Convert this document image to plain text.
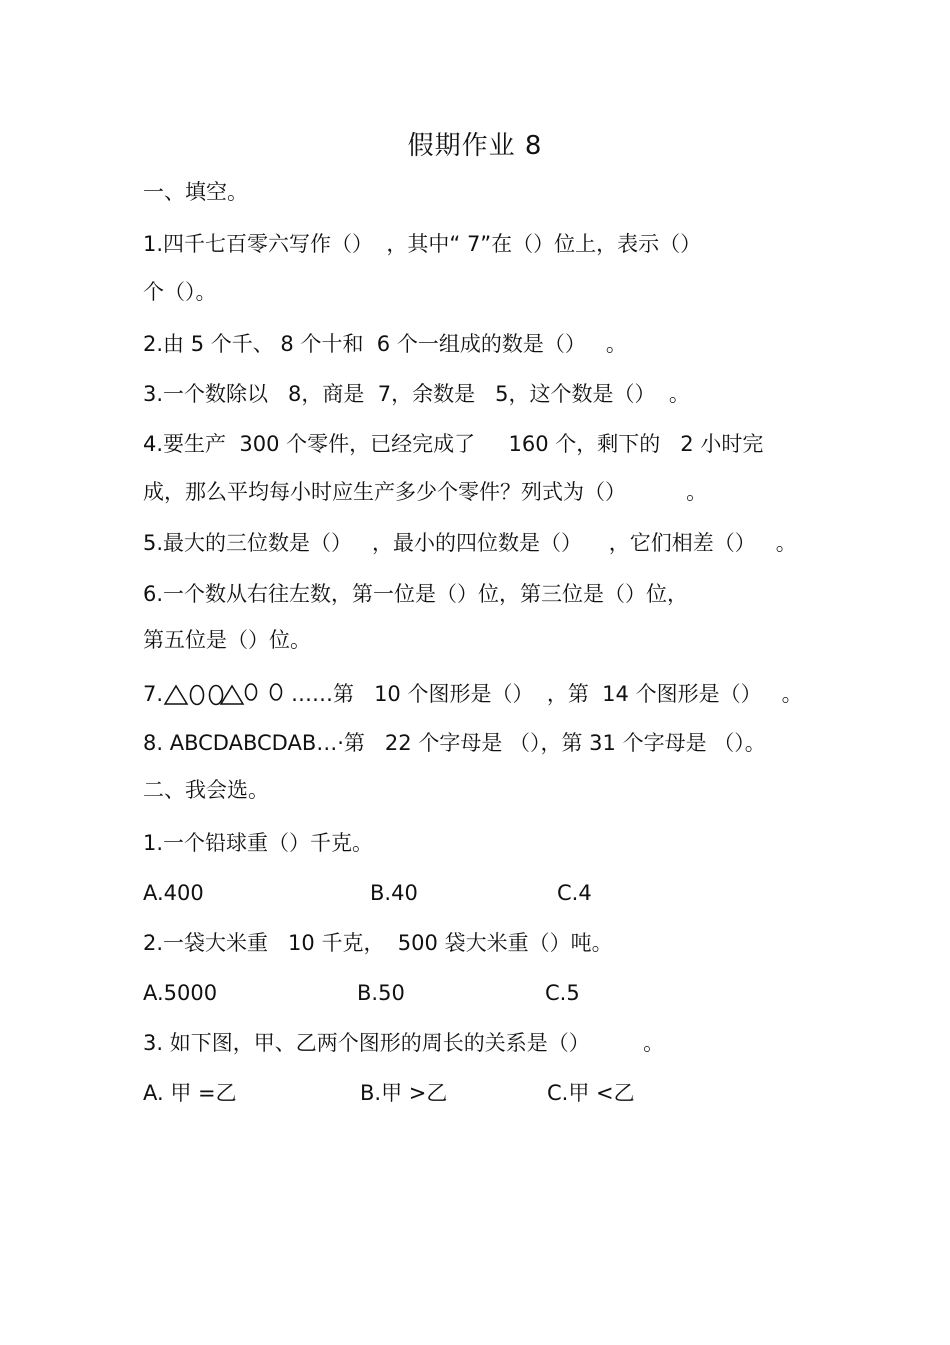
假期作业 8

一、填空。

1.四千七百零六写作（）  ，其中“ 7”在（）位上，表示（）

个（）。

2.由 5 个千、 8 个十和  6 个一组成的数是（）   。

3.一个数除以   8，商是  7，余数是   5，这个数是（）  。

4.要生产  300 个零件，已经完成了     160 个，剩下的   2 小时完

成，那么平均每小时应生产多少个零件？列式为（）         。

5.最大的三位数是（）   ，最小的四位数是（）    ，它们相差（）   。

6.一个数从右往左数，第一位是（）位，第三位是（）位，

第五位是（）位。

7.	……第   10 个图形是（）  ，第  14 个图形是（）   。

8. ABCDABCDAB…·第   22 个字母是 （），第 31 个字母是 （）。

二、我会选。

1.一个铅球重（）千克。

A.400	B.40	C.4

2.一袋大米重   10 千克，  500 袋大米重（）吨。

A.5000	B.50	C.5

3. 如下图，甲、乙两个图形的周长的关系是（）        。

A. 甲 =乙	B.甲 >乙	C.甲 <乙
